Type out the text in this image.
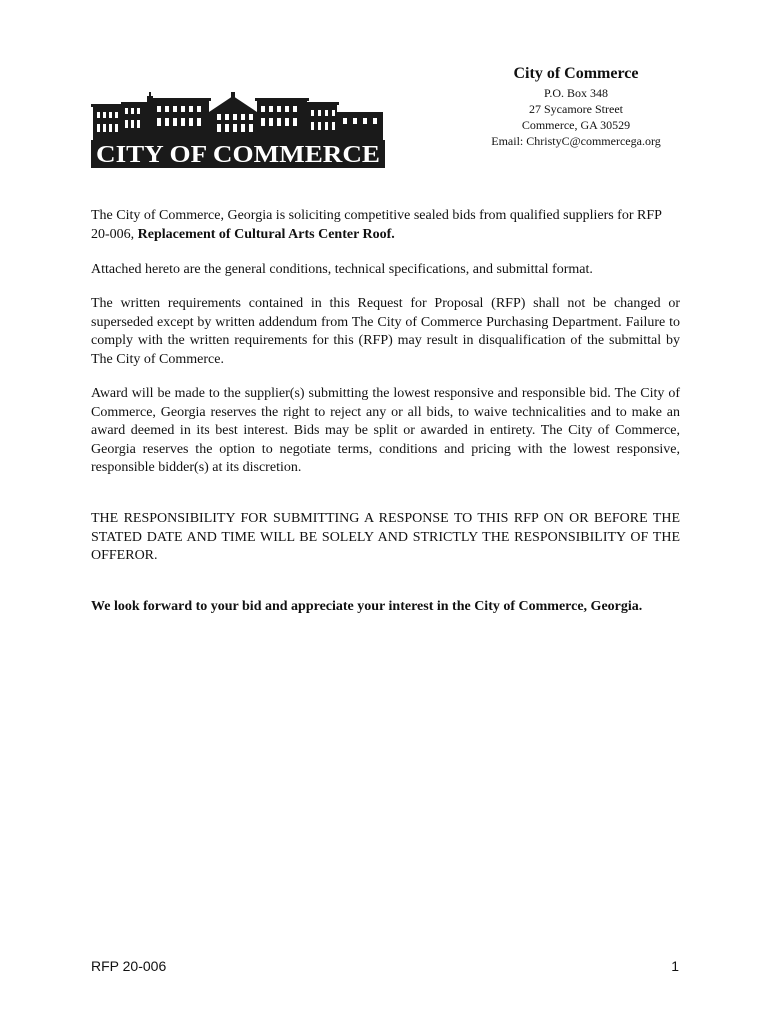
CITY OF COMMERCE
City of Commerce
P.O. Box 348
27 Sycamore Street
Commerce, GA 30529
Email: ChristyC@commercega.org

The City of Commerce, Georgia is soliciting competitive sealed bids from qualified suppliers for RFP 20-006, Replacement of Cultural Arts Center Roof.

Attached hereto are the general conditions, technical specifications, and submittal format.

The written requirements contained in this Request for Proposal (RFP) shall not be changed or superseded except by written addendum from The City of Commerce Purchasing Department. Failure to comply with the written requirements for this (RFP) may result in disqualification of the submittal by The City of Commerce.

Award will be made to the supplier(s) submitting the lowest responsive and responsible bid. The City of Commerce, Georgia reserves the right to reject any or all bids, to waive technicalities and to make an award deemed in its best interest. Bids may be split or awarded in entirety. The City of Commerce, Georgia reserves the option to negotiate terms, conditions and pricing with the lowest responsive, responsible bidder(s) at its discretion.

THE RESPONSIBILITY FOR SUBMITTING A RESPONSE TO THIS RFP ON OR BEFORE THE STATED DATE AND TIME WILL BE SOLELY AND STRICTLY THE RESPONSIBILITY OF THE OFFEROR.

We look forward to your bid and appreciate your interest in the City of Commerce, Georgia.

RFP 20-006	1
